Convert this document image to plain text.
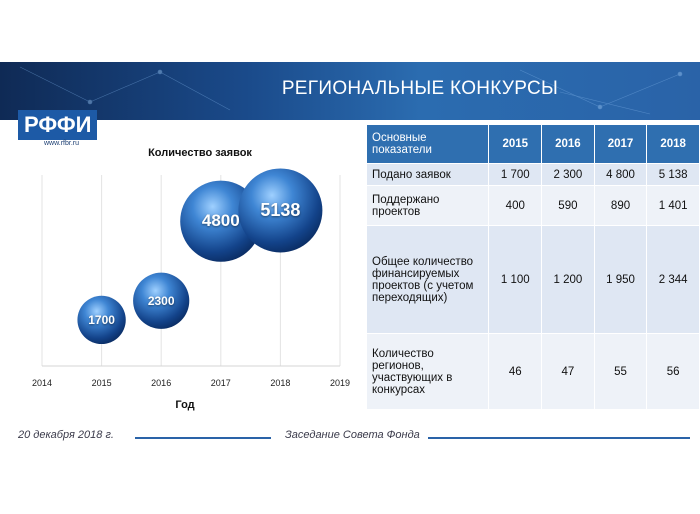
РЕГИОНАЛЬНЫЕ КОНКУРСЫ
РФФИ
www.rfbr.ru
Количество заявок
2014	2015	2016	2017	2018	2019
1700
2300
4800
5138
Год
Основные показатели	2015	2016	2017	2018
Подано заявок	1 700	2 300	4 800	5 138
Поддержано проектов	400	590	890	1 401
Общее количество финансируемых проектов (с учетом переходящих)	1 100	1 200	1 950	2 344
Количество регионов, участвующих в конкурсах	46	47	55	56
20 декабря 2018 г.	Заседание Совета Фонда
